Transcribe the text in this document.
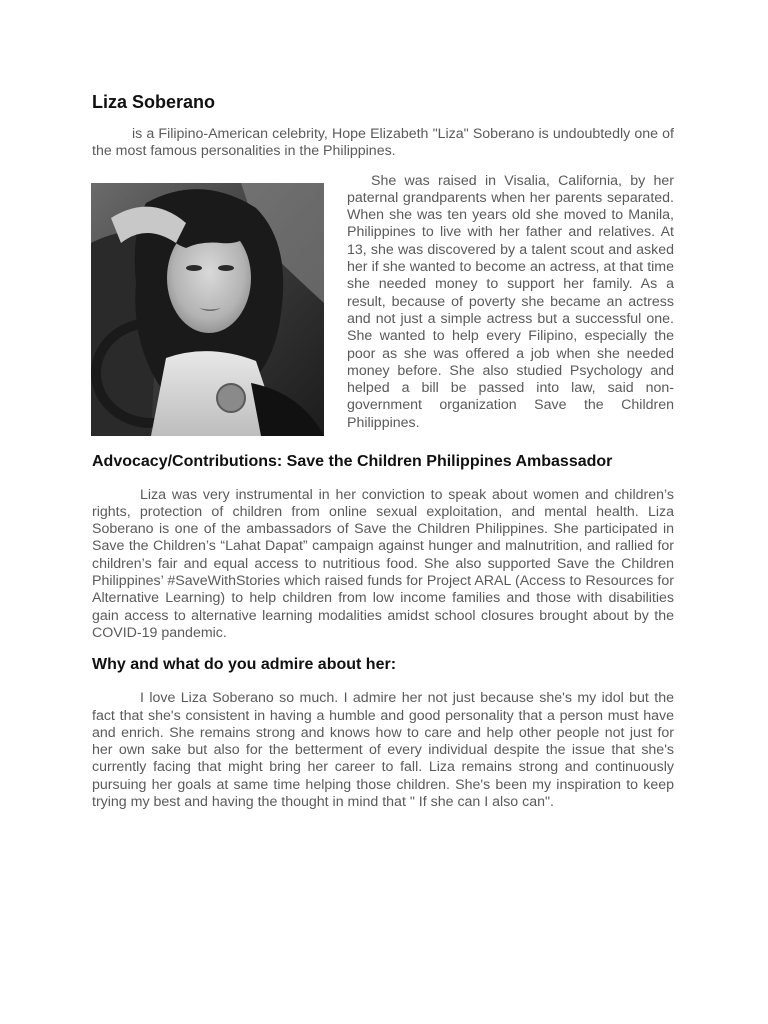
Liza Soberano

is a Filipino-American celebrity, Hope Elizabeth "Liza" Soberano is undoubtedly one of the most famous personalities in the Philippines.

She was raised in Visalia, California, by her paternal grandparents when her parents separated. When she was ten years old she moved to Manila, Philippines to live with her father and relatives. At 13, she was discovered by a talent scout and asked her if she wanted to become an actress, at that time she needed money to support her family. As a result, because of poverty she became an actress and not just a simple actress but a successful one. She wanted to help every Filipino, especially the poor as she was offered a job when she needed money before. She also studied Psychology and helped a bill be passed into law, said non-government organization Save the Children Philippines.

Advocacy/Contributions: Save the Children Philippines Ambassador

Liza was very instrumental in her conviction to speak about women and children’s rights, protection of children from online sexual exploitation, and mental health. Liza Soberano is one of the ambassadors of Save the Children Philippines. She participated in Save the Children’s “Lahat Dapat” campaign against hunger and malnutrition, and rallied for children’s fair and equal access to nutritious food. She also supported Save the Children Philippines’ #SaveWithStories which raised funds for Project ARAL (Access to Resources for Alternative Learning) to help children from low income families and those with disabilities gain access to alternative learning modalities amidst school closures brought about by the COVID-19 pandemic.

Why and what do you admire about her:

I love Liza Soberano so much. I admire her not just because she's my idol but the fact that she's consistent in having a humble and good personality that a person must have and enrich. She remains strong and knows how to care and help other people not just for her own sake but also for the betterment of every individual despite the issue that she's currently facing that might bring her career to fall. Liza remains strong and continuously pursuing her goals at same time helping those children. She's been my inspiration to keep trying my best and having the thought in mind that " If she can I also can".
